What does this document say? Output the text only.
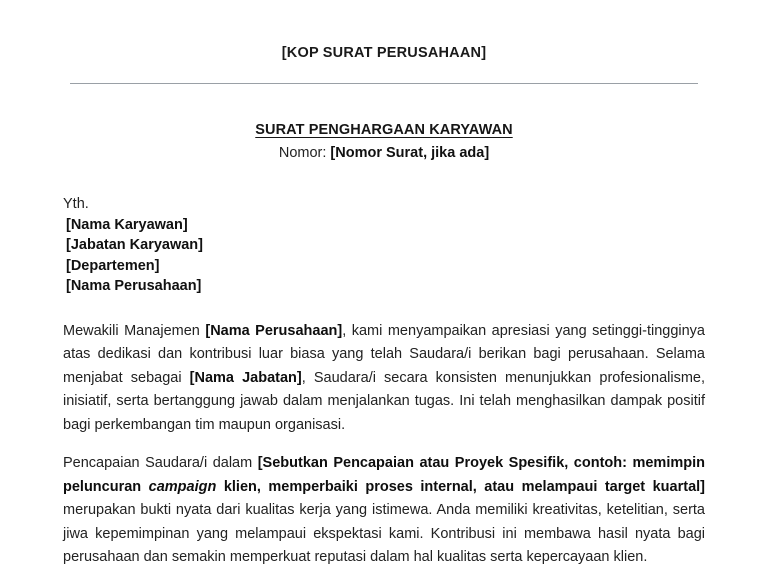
[KOP SURAT PERUSAHAAN]
SURAT PENGHARGAAN KARYAWAN
Nomor: [Nomor Surat, jika ada]
Yth.
[Nama Karyawan]
[Jabatan Karyawan]
[Departemen]
[Nama Perusahaan]

Mewakili Manajemen [Nama Perusahaan], kami menyampaikan apresiasi yang setinggi-tingginya atas dedikasi dan kontribusi luar biasa yang telah Saudara/i berikan bagi perusahaan. Selama menjabat sebagai [Nama Jabatan], Saudara/i secara konsisten menunjukkan profesionalisme, inisiatif, serta bertanggung jawab dalam menjalankan tugas. Ini telah menghasilkan dampak positif bagi perkembangan tim maupun organisasi.

Pencapaian Saudara/i dalam [Sebutkan Pencapaian atau Proyek Spesifik, contoh: memimpin peluncuran campaign klien, memperbaiki proses internal, atau melampaui target kuartal] merupakan bukti nyata dari kualitas kerja yang istimewa. Anda memiliki kreativitas, ketelitian, serta jiwa kepemimpinan yang melampaui ekspektasi kami. Kontribusi ini membawa hasil nyata bagi perusahaan dan semakin memperkuat reputasi dalam hal kualitas serta kepercayaan klien.
